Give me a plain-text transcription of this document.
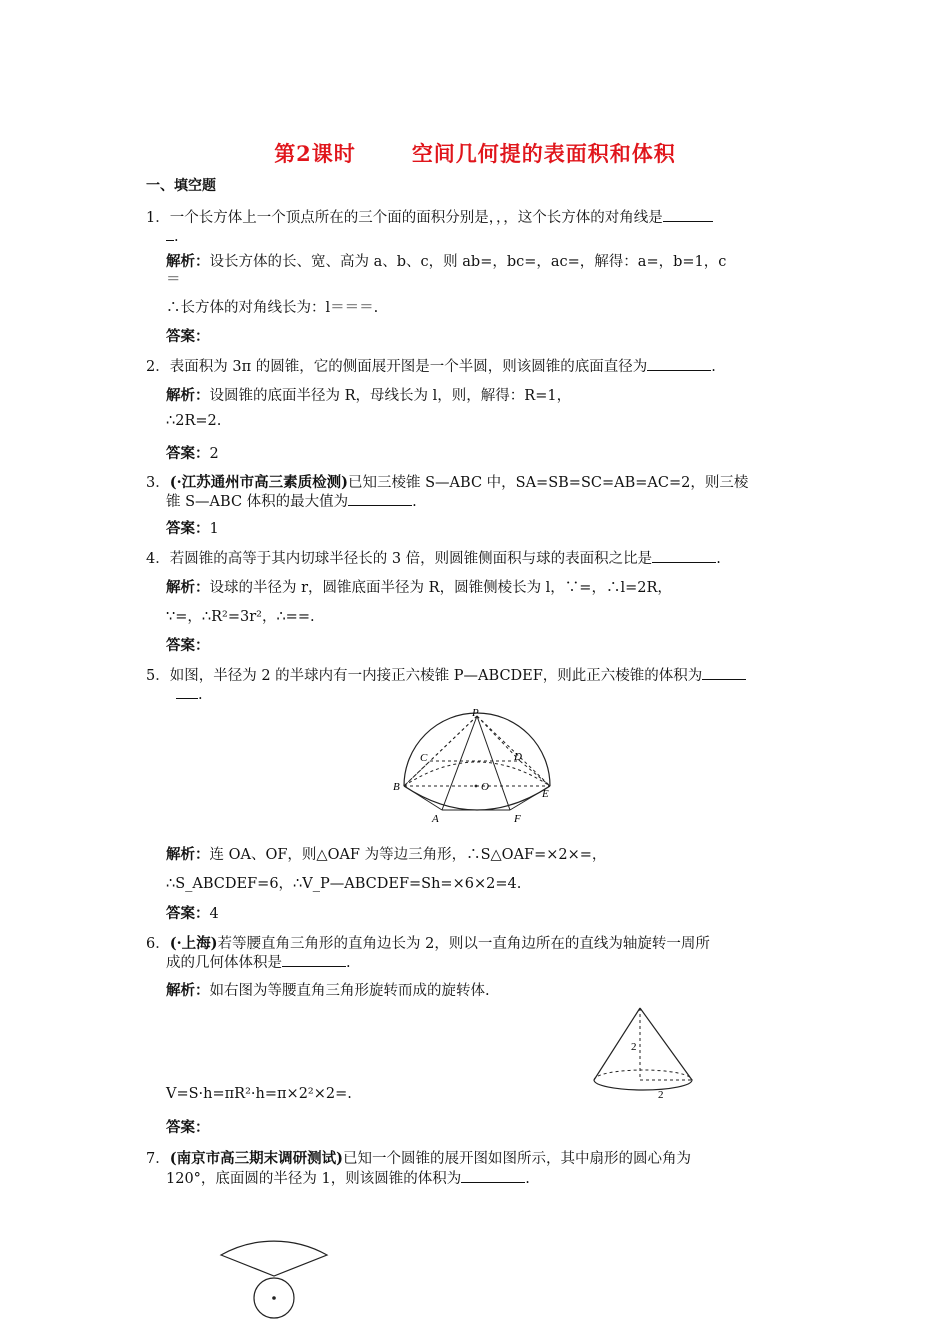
第2课时	空间几何提的表面积和体积
一、填空题
1．一个长方体上一个顶点所在的三个面的面积分别是，，，这个长方体的对角线是
.
解析：设长方体的长、宽、高为 a、b、c，则 ab=，bc=，ac=，解得：a=，b=1，c
＝
∴长方体的对角线长为：l＝＝＝.
答案：
2．表面积为 3π 的圆锥，它的侧面展开图是一个半圆，则该圆锥的底面直径为	.
解析：设圆锥的底面半径为 R，母线长为 l，则，解得：R=1，
∴2R=2.
答案：2
3．(·江苏通州市高三素质检测)已知三棱锥 S—ABC 中，SA=SB=SC=AB=AC=2，则三棱
锥 S—ABC 体积的最大值为	.
答案：1
4．若圆锥的高等于其内切球半径长的 3 倍，则圆锥侧面积与球的表面积之比是	.
解析：设球的半径为 r，圆锥底面半径为 R，圆锥侧棱长为 l，∵=，∴l=2R，
∵=，∴R²=3r²，∴==.
答案：
5．如图，半径为 2 的半球内有一内接正六棱锥 P—ABCDEF，则此正六棱锥的体积为
.
P
C	D
B	O
E
A	F
解析：连 OA、OF，则△OAF 为等边三角形，∴S△OAF=×2×=，
∴S_ABCDEF=6，∴V_P—ABCDEF=Sh=×6×2=4.
答案：4
6．(·上海)若等腰直角三角形的直角边长为 2，则以一直角边所在的直线为轴旋转一周所
成的几何体体积是	.
解析：如右图为等腰直角三角形旋转而成的旋转体.
2
2
V=S·h=πR²·h=π×2²×2=.
答案：
7．(南京市高三期末调研测试)已知一个圆锥的展开图如图所示，其中扇形的圆心角为
120°，底面圆的半径为 1，则该圆锥的体积为	.
